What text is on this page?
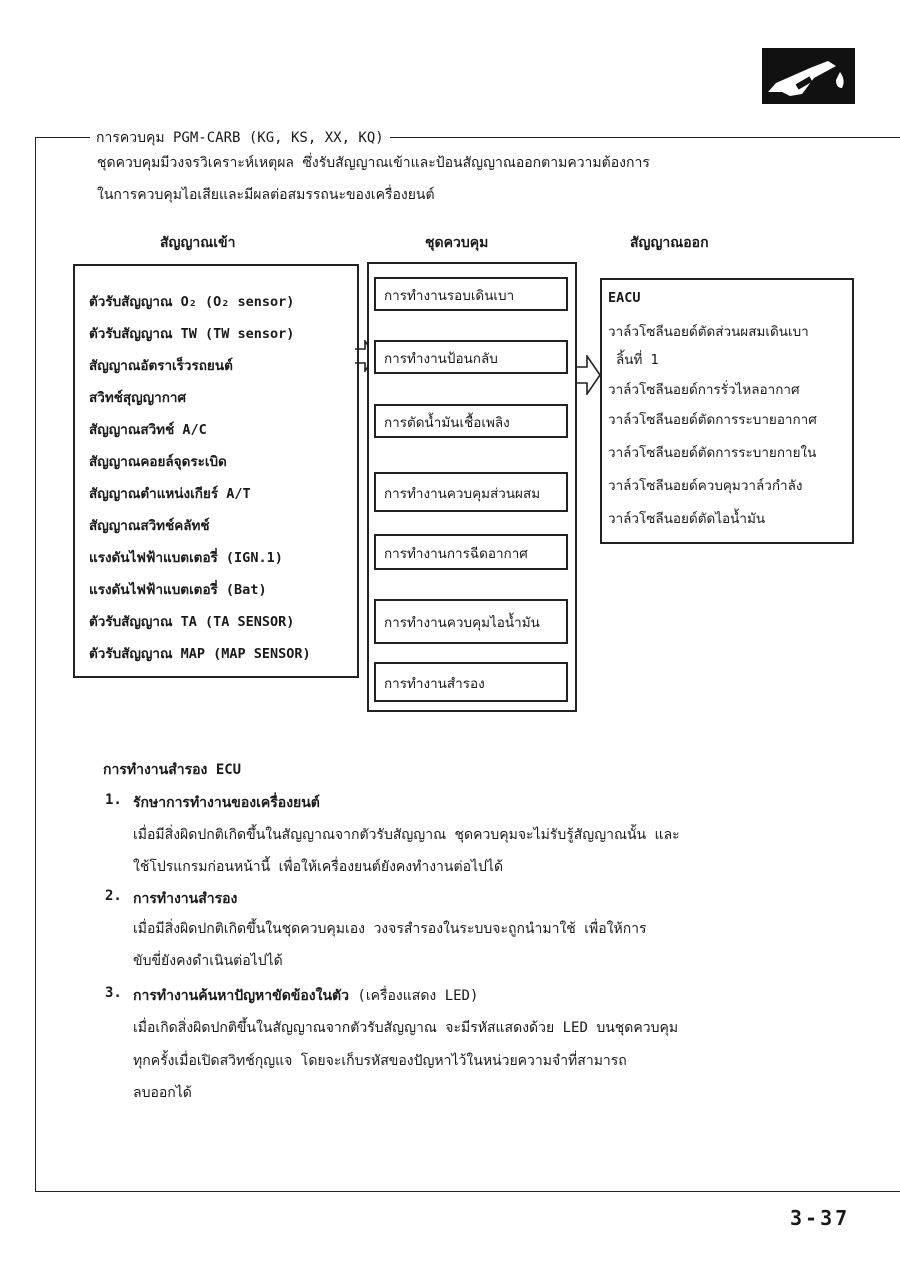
การควบคุม PGM-CARB (KG, KS, XX, KQ)
ชุดควบคุมมีวงจรวิเคราะห์เหตุผล ซึ่งรับสัญญาณเข้าและป้อนสัญญาณออกตามความต้องการ
ในการควบคุมไอเสียและมีผลต่อสมรรถนะของเครื่องยนต์
สัญญาณเข้า	ชุดควบคุม	สัญญาณออก
ตัวรับสัญญาณ O₂ (O₂ sensor)
ตัวรับสัญญาณ TW (TW sensor)
สัญญาณอัตราเร็วรถยนต์
สวิทช์สุญญากาศ
สัญญาณสวิทช์ A/C
สัญญาณคอยล์จุดระเบิด
สัญญาณตำแหน่งเกียร์ A/T
สัญญาณสวิทช์คลัทช์
แรงดันไฟฟ้าแบตเตอรี่ (IGN.1)
แรงดันไฟฟ้าแบตเตอรี่ (Bat)
ตัวรับสัญญาณ TA (TA SENSOR)
ตัวรับสัญญาณ MAP (MAP SENSOR)
การทำงานรอบเดินเบา
การทำงานป้อนกลับ
การตัดน้ำมันเชื้อเพลิง
การทำงานควบคุมส่วนผสม
การทำงานการฉีดอากาศ
การทำงานควบคุมไอน้ำมัน
การทำงานสำรอง
EACU
วาล์วโซลีนอยด์ตัดส่วนผสมเดินเบา
ลิ้นที่ 1
วาล์วโซลีนอยด์การรั่วไหลอากาศ
วาล์วโซลีนอยด์ตัดการระบายอากาศ
วาล์วโซลีนอยด์ตัดการระบายกายใน
วาล์วโซลีนอยด์ควบคุมวาล์วกำลัง
วาล์วโซลีนอยด์ตัดไอน้ำมัน
การทำงานสำรอง ECU
1. รักษาการทำงานของเครื่องยนต์
เมื่อมีสิ่งผิดปกติเกิดขึ้นในสัญญาณจากตัวรับสัญญาณ ชุดควบคุมจะไม่รับรู้สัญญาณนั้น และ
ใช้โปรแกรมก่อนหน้านี้ เพื่อให้เครื่องยนต์ยังคงทำงานต่อไปได้
2. การทำงานสำรอง
เมื่อมีสิ่งผิดปกติเกิดขึ้นในชุดควบคุมเอง วงจรสำรองในระบบจะถูกนำมาใช้ เพื่อให้การ
ขับขี่ยังคงดำเนินต่อไปได้
3. การทำงานค้นหาปัญหาขัดข้องในตัว (เครื่องแสดง LED)
เมื่อเกิดสิ่งผิดปกติขึ้นในสัญญาณจากตัวรับสัญญาณ จะมีรหัสแสดงด้วย LED บนชุดควบคุม
ทุกครั้งเมื่อเปิดสวิทช์กุญแจ โดยจะเก็บรหัสของปัญหาไว้ในหน่วยความจำที่สามารถ
ลบออกได้
3-37
